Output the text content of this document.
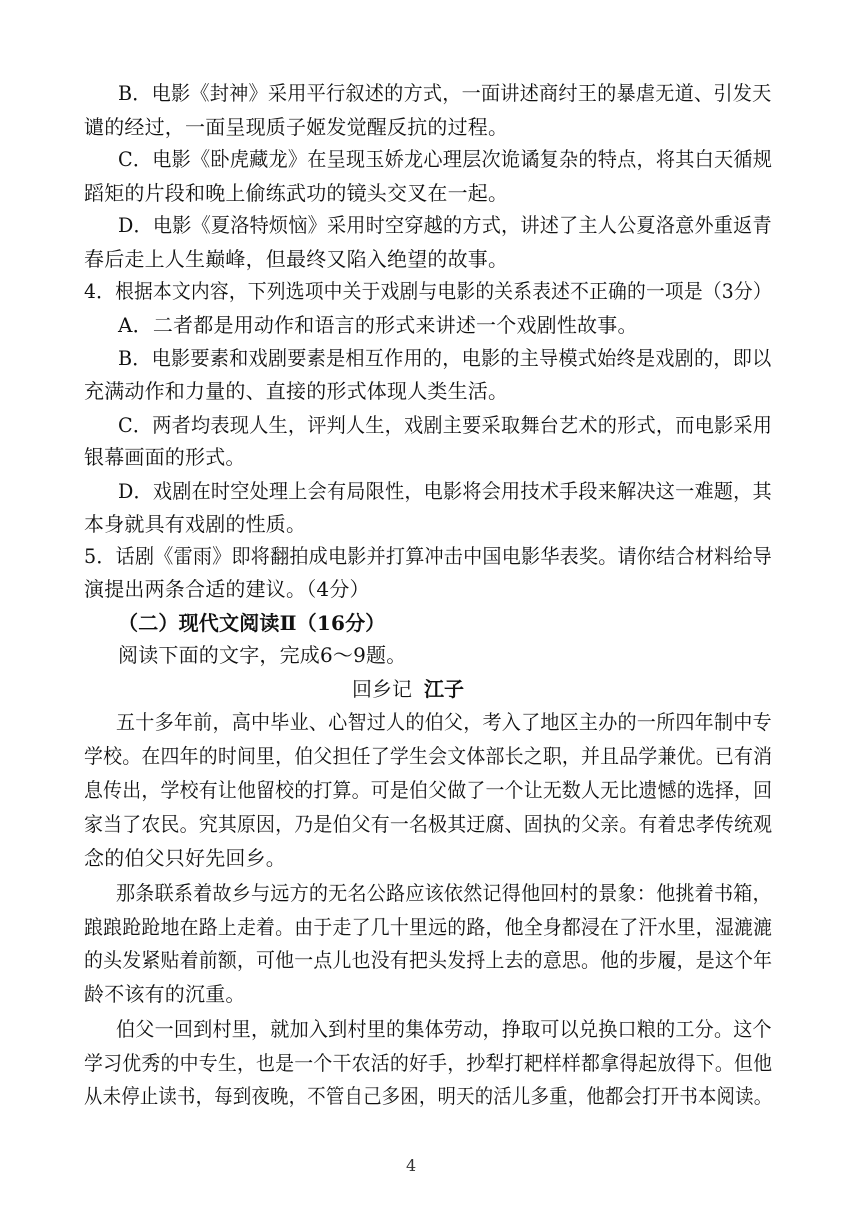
B．电影《封神》采用平行叙述的方式，一面讲述商纣王的暴虐无道、引发天
谴的经过，一面呈现质子姬发觉醒反抗的过程。
C．电影《卧虎藏龙》在呈现玉娇龙心理层次诡谲复杂的特点，将其白天循规
蹈矩的片段和晚上偷练武功的镜头交叉在一起。
D．电影《夏洛特烦恼》采用时空穿越的方式，讲述了主人公夏洛意外重返青
春后走上人生巅峰，但最终又陷入绝望的故事。
4．根据本文内容，下列选项中关于戏剧与电影的关系表述不正确的一项是（3分）
A．二者都是用动作和语言的形式来讲述一个戏剧性故事。
B．电影要素和戏剧要素是相互作用的，电影的主导模式始终是戏剧的，即以
充满动作和力量的、直接的形式体现人类生活。
C．两者均表现人生，评判人生，戏剧主要采取舞台艺术的形式，而电影采用
银幕画面的形式。
D．戏剧在时空处理上会有局限性，电影将会用技术手段来解决这一难题，其
本身就具有戏剧的性质。
5．话剧《雷雨》即将翻拍成电影并打算冲击中国电影华表奖。请你结合材料给导
演提出两条合适的建议。（4分）
（二）现代文阅读Ⅱ（16分）
阅读下面的文字，完成6～9题。
回乡记 江子
五十多年前，高中毕业、心智过人的伯父，考入了地区主办的一所四年制中专
学校。在四年的时间里，伯父担任了学生会文体部长之职，并且品学兼优。已有消
息传出，学校有让他留校的打算。可是伯父做了一个让无数人无比遗憾的选择，回
家当了农民。究其原因，乃是伯父有一名极其迂腐、固执的父亲。有着忠孝传统观
念的伯父只好先回乡。
那条联系着故乡与远方的无名公路应该依然记得他回村的景象：他挑着书箱，
踉踉跄跄地在路上走着。由于走了几十里远的路，他全身都浸在了汗水里，湿漉漉
的头发紧贴着前额，可他一点儿也没有把头发捋上去的意思。他的步履，是这个年
龄不该有的沉重。
伯父一回到村里，就加入到村里的集体劳动，挣取可以兑换口粮的工分。这个
学习优秀的中专生，也是一个干农活的好手，抄犁打耙样样都拿得起放得下。但他
从未停止读书，每到夜晚，不管自己多困，明天的活儿多重，他都会打开书本阅读。
4
